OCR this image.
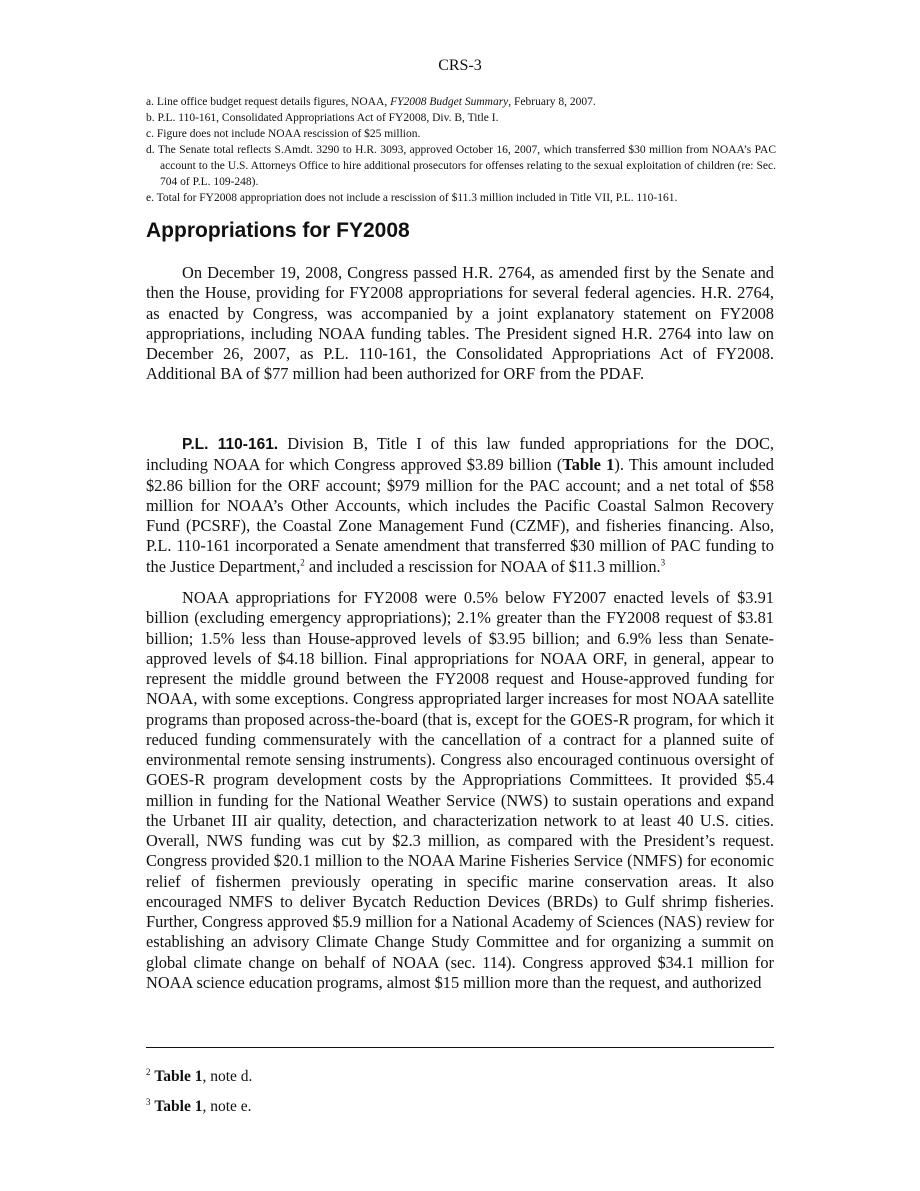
CRS-3

a. Line office budget request details figures, NOAA, FY2008 Budget Summary, February 8, 2007.

b. P.L. 110-161, Consolidated Appropriations Act of FY2008, Div. B, Title I.

c. Figure does not include NOAA rescission of $25 million.

d. The Senate total reflects S.Amdt. 3290 to H.R. 3093, approved October 16, 2007, which transferred $30 million from NOAA’s PAC account to the U.S. Attorneys Office to hire additional prosecutors for offenses relating to the sexual exploitation of children (re: Sec. 704 of P.L. 109-248).

e. Total for FY2008 appropriation does not include a rescission of $11.3 million included in Title VII, P.L. 110-161.

Appropriations for FY2008

On December 19, 2008, Congress passed H.R. 2764, as amended first by the Senate and then the House, providing for FY2008 appropriations for several federal agencies. H.R. 2764, as enacted by Congress, was accompanied by a joint explanatory statement on FY2008 appropriations, including NOAA funding tables. The President signed H.R. 2764 into law on December 26, 2007, as P.L. 110-161, the Consolidated Appropriations Act of FY2008. Additional BA of $77 million had been authorized for ORF from the PDAF.

P.L. 110-161. Division B, Title I of this law funded appropriations for the DOC, including NOAA for which Congress approved $3.89 billion (Table 1). This amount included $2.86 billion for the ORF account; $979 million for the PAC account; and a net total of $58 million for NOAA’s Other Accounts, which includes the Pacific Coastal Salmon Recovery Fund (PCSRF), the Coastal Zone Management Fund (CZMF), and fisheries financing. Also, P.L. 110-161 incorporated a Senate amendment that transferred $30 million of PAC funding to the Justice Department,$^2$ and included a rescission for NOAA of $11.3 million.$^3$

NOAA appropriations for FY2008 were 0.5% below FY2007 enacted levels of $3.91 billion (excluding emergency appropriations); 2.1% greater than the FY2008 request of $3.81 billion; 1.5% less than House-approved levels of $3.95 billion; and 6.9% less than Senate-approved levels of $4.18 billion. Final appropriations for NOAA ORF, in general, appear to represent the middle ground between the FY2008 request and House-approved funding for NOAA, with some exceptions. Congress appropriated larger increases for most NOAA satellite programs than proposed across-the-board (that is, except for the GOES-R program, for which it reduced funding commensurately with the cancellation of a contract for a planned suite of environmental remote sensing instruments). Congress also encouraged continuous oversight of GOES-R program development costs by the Appropriations Committees. It provided $5.4 million in funding for the National Weather Service (NWS) to sustain operations and expand the Urbanet III air quality, detection, and characterization network to at least 40 U.S. cities. Overall, NWS funding was cut by $2.3 million, as compared with the President’s request. Congress provided $20.1 million to the NOAA Marine Fisheries Service (NMFS) for economic relief of fishermen previously operating in specific marine conservation areas. It also encouraged NMFS to deliver Bycatch Reduction Devices (BRDs) to Gulf shrimp fisheries. Further, Congress approved $5.9 million for a National Academy of Sciences (NAS) review for establishing an advisory Climate Change Study Committee and for organizing a summit on global climate change on behalf of NOAA (sec. 114). Congress approved $34.1 million for NOAA science education programs, almost $15 million more than the request, and authorized

$^2$ Table 1, note d.

$^3$ Table 1, note e.
